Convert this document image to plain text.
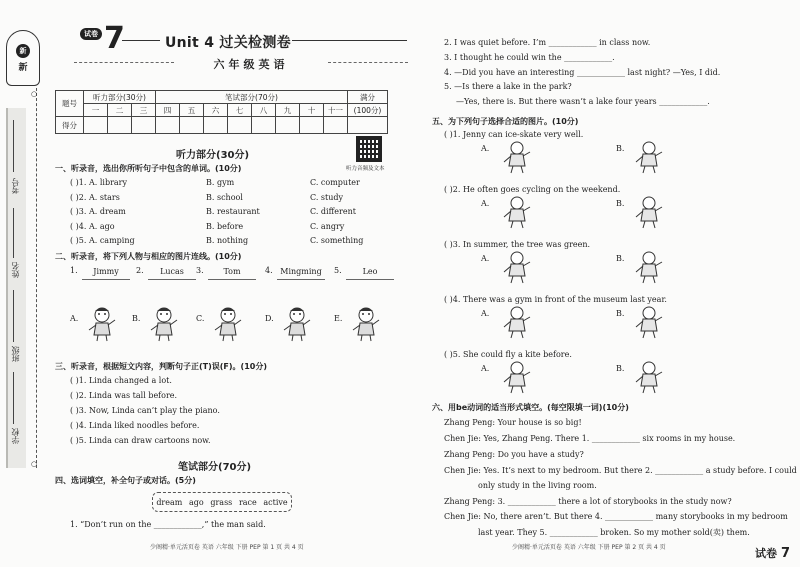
新
新
○
○
考号
姓名
班级
学校
试卷 7	Unit 4 过关检测卷
六年级英语
题号	听力部分(30分)			笔试部分(70分)								满分
	一	二	三	四	五	六	七	八	九	十	十一	(100分)
得分												
听力音频及文本
听力部分(30分)
一、听录音，选出你所听句子中包含的单词。(10分)
( )1. A. library	B. gym	C. computer
( )2. A. stars	B. school	C. study
( )3. A. dream	B. restaurant	C. different
( )4. A. ago	B. before	C. angry
( )5. A. camping	B. nothing	C. something
二、听录音，将下列人物与相应的图片连线。(10分)
1.	Jimmy	2.	Lucas	3.	Tom	4. Mingming	5.	Leo
A.	B.	C.	D.	E.
三、听录音，根据短文内容，判断句子正(T)误(F)。(10分)
( )1. Linda changed a lot.
( )2. Linda was tall before.
( )3. Now, Linda can’t play the piano.
( )4. Linda liked noodles before.
( )5. Linda can draw cartoons now.
笔试部分(70分)
四、选词填空，补全句子或对话。(5分)
dream ago grass race active
1. “Don’t run on the ____________,” the man said.
少阁精·单元活页卷 英语 六年级 下册 PEP 第 1 页 共 4 页
2. I was quiet before. I’m ____________ in class now.
3. I thought he could win the ____________.
4. —Did you have an interesting ____________ last night? —Yes, I did.
5. —Is there a lake in the park?
—Yes, there is. But there wasn’t a lake four years ____________.
五、为下列句子选择合适的图片。(10分)
( )1. Jenny can ice-skate very well.
A.	B.
( )2. He often goes cycling on the weekend.
A.	B.
( )3. In summer, the tree was green.
A.	B.
( )4. There was a gym in front of the museum last year.
A.	B.
( )5. She could fly a kite before.
A.	B.
六、用be动词的适当形式填空。(每空限填一词)(10分)
Zhang Peng: Your house is so big!
Chen Jie: Yes, Zhang Peng. There 1. ____________ six rooms in my house.
Zhang Peng: Do you have a study?
Chen Jie: Yes. It’s next to my bedroom. But there 2. ____________ a study before. I could
only study in the living room.
Zhang Peng: 3. ____________ there a lot of storybooks in the study now?
Chen Jie: No, there aren’t. But there 4. ____________ many storybooks in my bedroom
last year. They 5. ____________ broken. So my mother sold(卖) them.
少阁精·单元活页卷 英语 六年级 下册 PEP 第 2 页 共 4 页	试卷 7
